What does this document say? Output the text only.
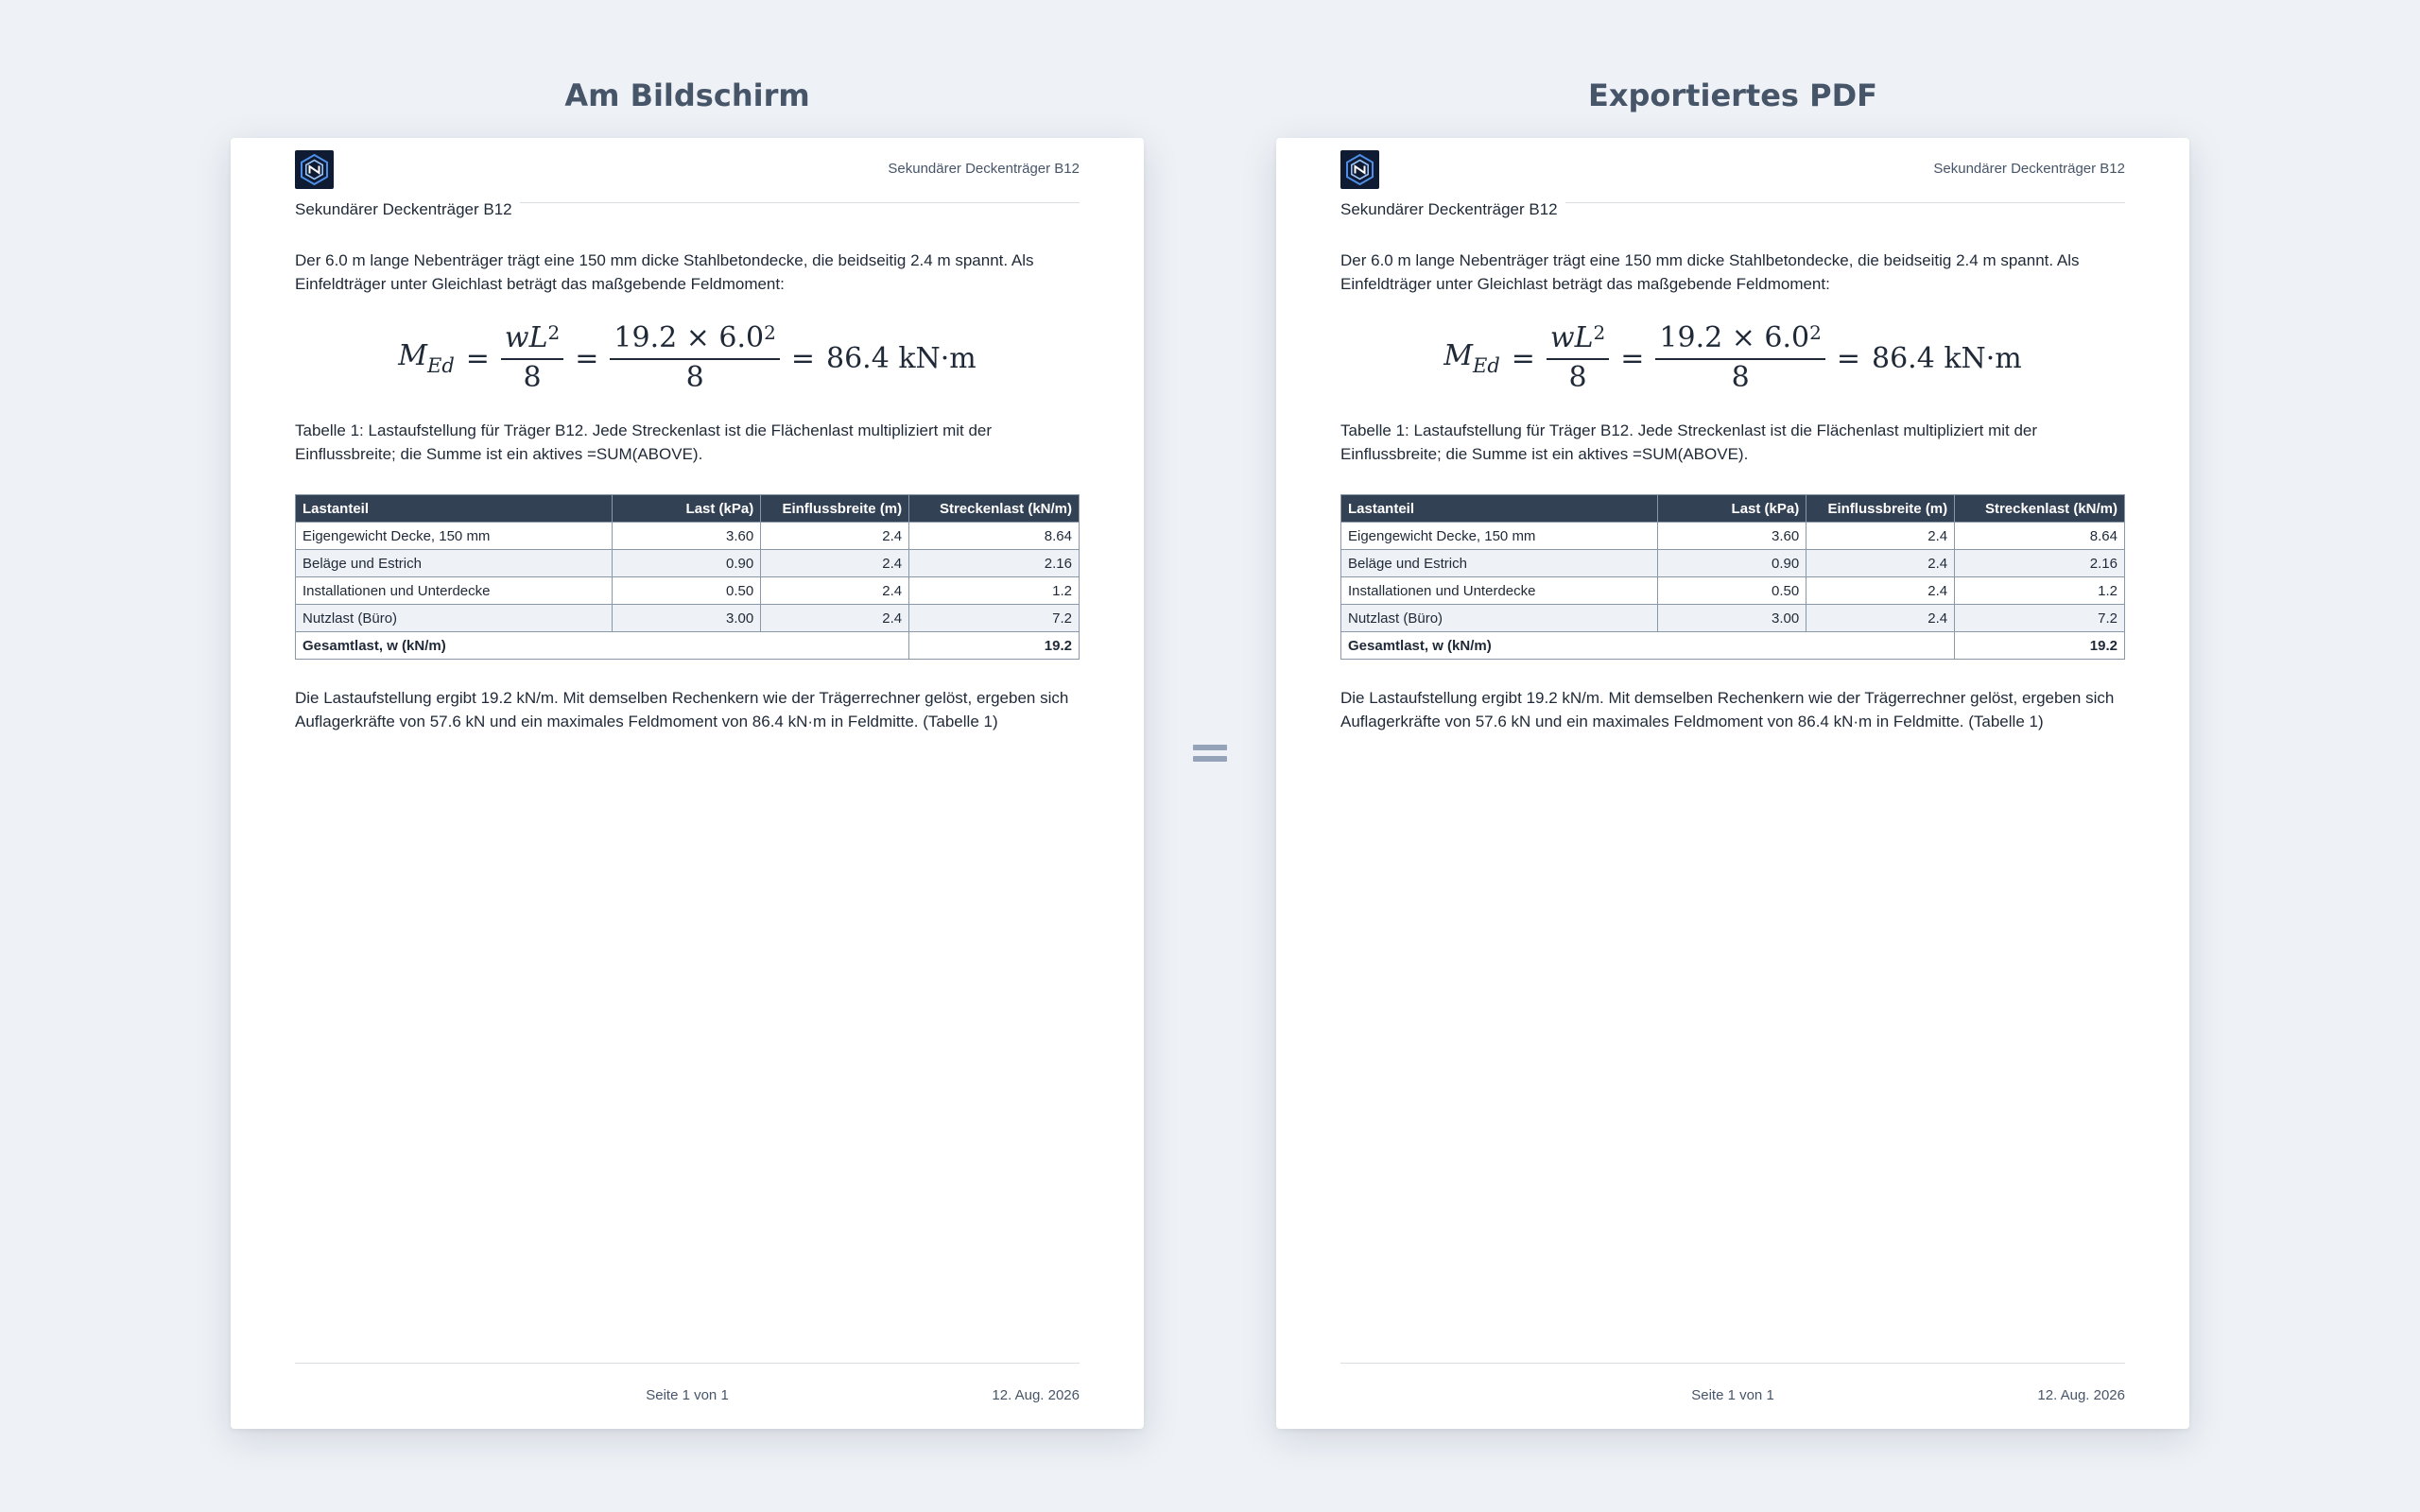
Am Bildschirm	Exportiertes PDF
Sekundärer Deckenträger B12
Sekundärer Deckenträger B12
Der 6.0 m lange Nebenträger trägt eine 150 mm dicke Stahlbetondecke, die beidseitig 2.4 m spannt. Als Einfeldträger unter Gleichlast beträgt das maßgebende Feldmoment:
$M_{Ed} = \frac{wL^2}{8} = \frac{19.2 \times 6.0^2}{8} = 86.4$ kN·m
Tabelle 1: Lastaufstellung für Träger B12. Jede Streckenlast ist die Flächenlast multipliziert mit der Einflussbreite; die Summe ist ein aktives =SUM(ABOVE).
Lastanteil	Last (kPa)	Einflussbreite (m)	Streckenlast (kN/m)
Eigengewicht Decke, 150 mm	3.60	2.4	8.64
Beläge und Estrich	0.90	2.4	2.16
Installationen und Unterdecke	0.50	2.4	1.2
Nutzlast (Büro)	3.00	2.4	7.2
Gesamtlast, w (kN/m)			19.2
Die Lastaufstellung ergibt 19.2 kN/m. Mit demselben Rechenkern wie der Trägerrechner gelöst, ergeben sich Auflagerkräfte von 57.6 kN und ein maximales Feldmoment von 86.4 kN·m in Feldmitte. (Tabelle 1)
Seite 1 von 1	12. Aug. 2026
Sekundärer Deckenträger B12
Sekundärer Deckenträger B12
Der 6.0 m lange Nebenträger trägt eine 150 mm dicke Stahlbetondecke, die beidseitig 2.4 m spannt. Als Einfeldträger unter Gleichlast beträgt das maßgebende Feldmoment:
$M_{Ed} = \frac{wL^2}{8} = \frac{19.2 \times 6.0^2}{8} = 86.4$ kN·m
Tabelle 1: Lastaufstellung für Träger B12. Jede Streckenlast ist die Flächenlast multipliziert mit der Einflussbreite; die Summe ist ein aktives =SUM(ABOVE).
Lastanteil	Last (kPa)	Einflussbreite (m)	Streckenlast (kN/m)
Eigengewicht Decke, 150 mm	3.60	2.4	8.64
Beläge und Estrich	0.90	2.4	2.16
Installationen und Unterdecke	0.50	2.4	1.2
Nutzlast (Büro)	3.00	2.4	7.2
Gesamtlast, w (kN/m)			19.2
Die Lastaufstellung ergibt 19.2 kN/m. Mit demselben Rechenkern wie der Trägerrechner gelöst, ergeben sich Auflagerkräfte von 57.6 kN und ein maximales Feldmoment von 86.4 kN·m in Feldmitte. (Tabelle 1)
Seite 1 von 1	12. Aug. 2026
